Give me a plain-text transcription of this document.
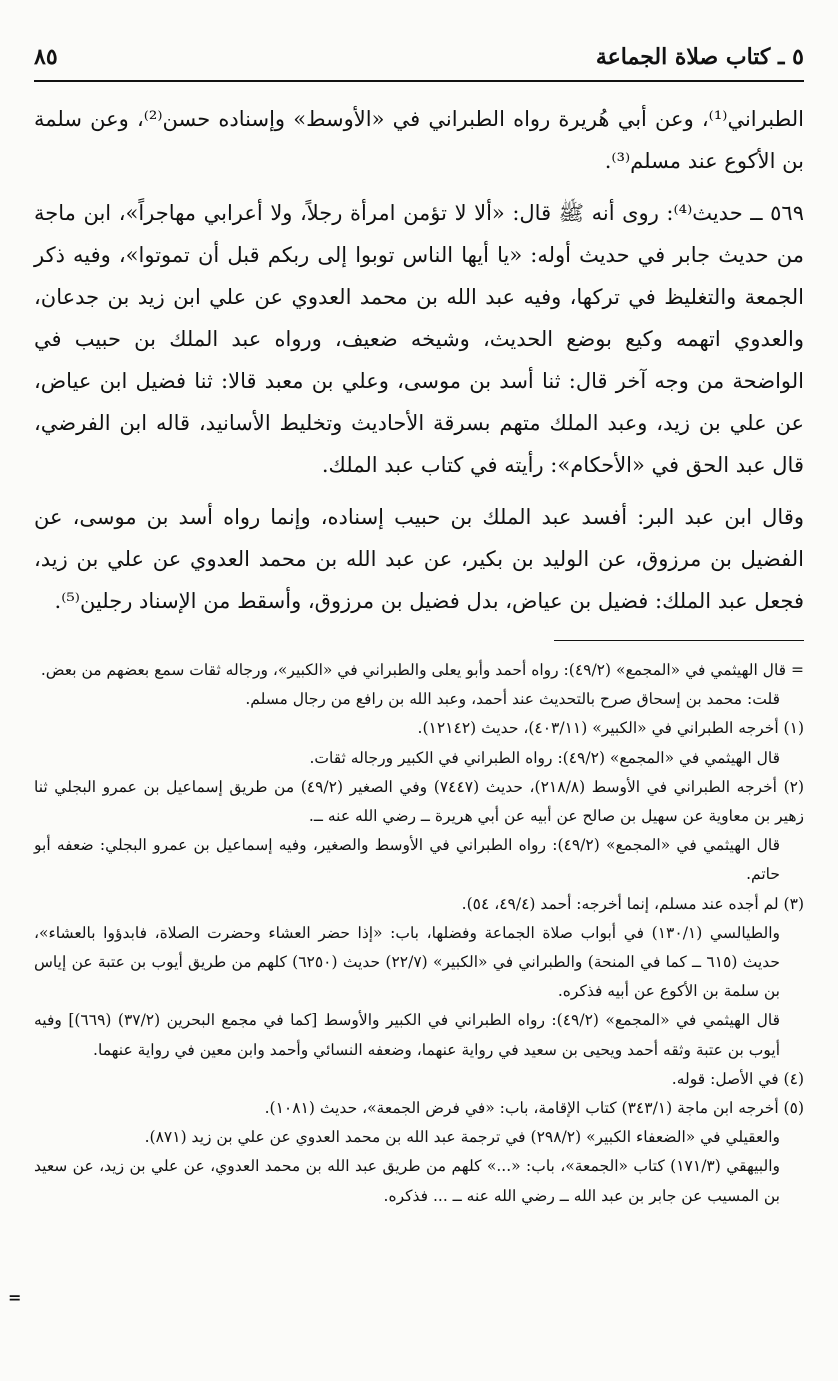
٥ ـ كتاب صلاة الجماعة
٨٥

الطبراني⁽¹⁾، وعن أبي هُريرة رواه الطبراني في «الأوسط» وإسناده حسن⁽²⁾، وعن سلمة بن الأكوع عند مسلم⁽³⁾.

٥٦٩ ــ حديث⁽⁴⁾: روى أنه ﷺ قال: «ألا لا تؤمن امرأة رجلاً، ولا أعرابي مهاجراً»، ابن ماجة من حديث جابر في حديث أوله: «يا أيها الناس توبوا إلى ربكم قبل أن تموتوا»، وفيه ذكر الجمعة والتغليظ في تركها، وفيه عبد الله بن محمد العدوي عن علي ابن زيد بن جدعان، والعدوي اتهمه وكيع بوضع الحديث، وشيخه ضعيف، ورواه عبد الملك بن حبيب في الواضحة من وجه آخر قال: ثنا أسد بن موسى، وعلي بن معبد قالا: ثنا فضيل ابن عياض، عن علي بن زيد، وعبد الملك متهم بسرقة الأحاديث وتخليط الأسانيد، قاله ابن الفرضي، قال عبد الحق في «الأحكام»: رأيته في كتاب عبد الملك.

وقال ابن عبد البر: أفسد عبد الملك بن حبيب إسناده، وإنما رواه أسد بن موسى، عن الفضيل بن مرزوق، عن الوليد بن بكير، عن عبد الله بن محمد العدوي عن علي بن زيد، فجعل عبد الملك: فضيل بن عياض، بدل فضيل بن مرزوق، وأسقط من الإسناد رجلين⁽⁵⁾.

= قال الهيثمي في «المجمع» (٤٩/٢): رواه أحمد وأبو يعلى والطبراني في «الكبير»، ورجاله ثقات سمع بعضهم من بعض.

قلت: محمد بن إسحاق صرح بالتحديث عند أحمد، وعبد الله بن رافع من رجال مسلم.

(١) أخرجه الطبراني في «الكبير» (٤٠٣/١١)، حديث (١٢١٤٢).

قال الهيثمي في «المجمع» (٤٩/٢): رواه الطبراني في الكبير ورجاله ثقات.

(٢) أخرجه الطبراني في الأوسط (٢١٨/٨)، حديث (٧٤٤٧) وفي الصغير (٤٩/٢) من طريق إسماعيل بن عمرو البجلي ثنا زهير بن معاوية عن سهيل بن صالح عن أبيه عن أبي هريرة ــ رضي الله عنه ــ.

قال الهيثمي في «المجمع» (٤٩/٢): رواه الطبراني في الأوسط والصغير، وفيه إسماعيل بن عمرو البجلي: ضعفه أبو حاتم.

(٣) لم أجده عند مسلم، إنما أخرجه: أحمد (٤٩/٤، ٥٤).

والطيالسي (١٣٠/١) في أبواب صلاة الجماعة وفضلها، باب: «إذا حضر العشاء وحضرت الصلاة، فابدؤوا بالعشاء»، حديث (٦١٥ ــ كما في المنحة) والطبراني في «الكبير» (٢٢/٧) حديث (٦٢٥٠) كلهم من طريق أيوب بن عتبة عن إياس بن سلمة بن الأكوع عن أبيه فذكره.

قال الهيثمي في «المجمع» (٤٩/٢): رواه الطبراني في الكبير والأوسط [كما في مجمع البحرين (٣٧/٢) (٦٦٩)] وفيه أيوب بن عتبة وثقه أحمد ويحيى بن سعيد في رواية عنهما، وضعفه النسائي وأحمد وابن معين في رواية عنهما.

(٤) في الأصل: قوله.

(٥) أخرجه ابن ماجة (٣٤٣/١) كتاب الإقامة، باب: «في فرض الجمعة»، حديث (١٠٨١).

والعقيلي في «الضعفاء الكبير» (٢٩٨/٢) في ترجمة عبد الله بن محمد العدوي عن علي بن زيد (٨٧١).

والبيهقي (١٧١/٣) كتاب «الجمعة»، باب: «...» كلهم من طريق عبد الله بن محمد العدوي، عن علي بن زيد، عن سعيد بن المسيب عن جابر بن عبد الله ــ رضي الله عنه ــ ... فذكره.

=
